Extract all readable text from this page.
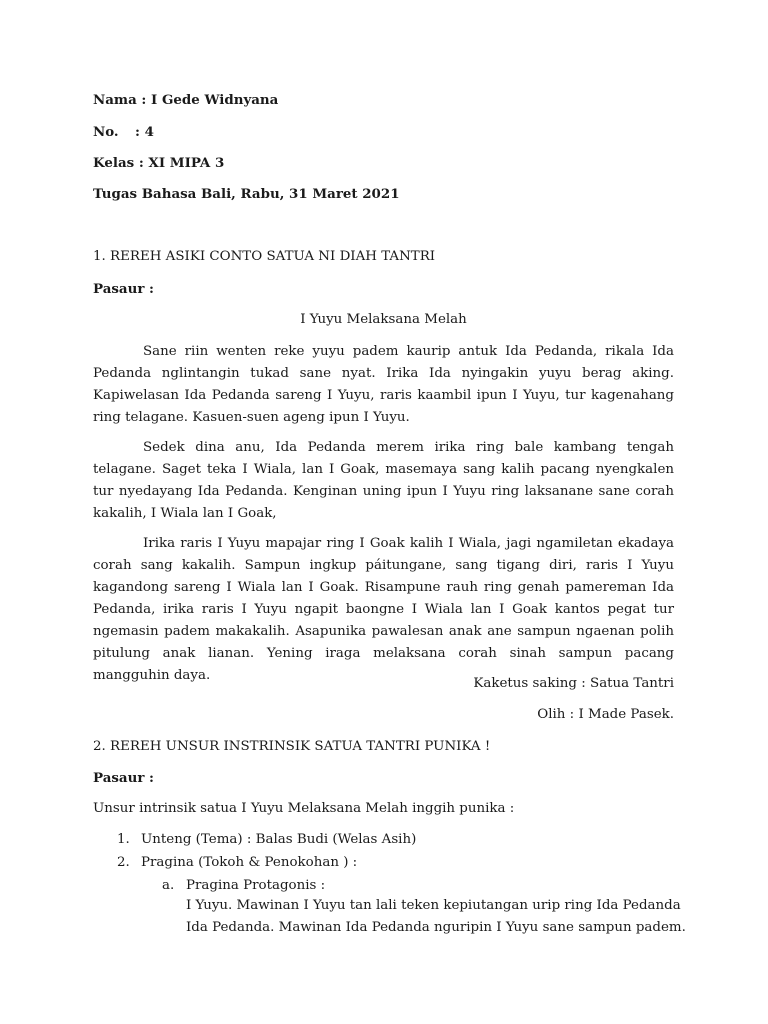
Nama : I Gede Widnyana
No. : 4
Kelas : XI MIPA 3
Tugas Bahasa Bali, Rabu, 31 Maret 2021
1. REREH ASIKI CONTO SATUA NI DIAH TANTRI
Pasaur :
I Yuyu Melaksana Melah
Sane riin wenten reke yuyu padem kaurip antuk Ida Pedanda, rikala Ida Pedanda nglintangin tukad sane nyat. Irika Ida nyingakin yuyu berag aking. Kapiwelasan Ida Pedanda sareng I Yuyu, raris kaambil ipun I Yuyu, tur kagenahang ring telagane. Kasuen-suen ageng ipun I Yuyu.
Sedek dina anu, Ida Pedanda merem irika ring bale kambang tengah telagane. Saget teka I Wiala, lan I Goak, masemaya sang kalih pacang nyengkalen tur nyedayang Ida Pedanda. Kenginan uning ipun I Yuyu ring laksanane sane corah kakalih, I Wiala lan I Goak,
Irika raris I Yuyu mapajar ring I Goak kalih I Wiala, jagi ngamiletan ekadaya corah sang kakalih. Sampun ingkup páitungane, sang tigang diri, raris I Yuyu kagandong sareng I Wiala lan I Goak. Risampune rauh ring genah pamereman Ida Pedanda, irika raris I Yuyu ngapit baongne I Wiala lan I Goak kantos pegat tur ngemasin padem makakalih. Asapunika pawalesan anak ane sampun ngaenan polih pitulung anak lianan. Yening iraga melaksana corah sinah sampun pacang mangguhin daya.
Kaketus saking : Satua Tantri
Olih : I Made Pasek.
2. REREH UNSUR INSTRINSIK SATUA TANTRI PUNIKA !
Pasaur :
Unsur intrinsik satua I Yuyu Melaksana Melah inggih punika :
1. Unteng (Tema) : Balas Budi (Welas Asih)
2. Pragina (Tokoh & Penokohan ) :
a. Pragina Protagonis :
I Yuyu. Mawinan I Yuyu tan lali teken kepiutangan urip ring Ida Pedanda
Ida Pedanda. Mawinan Ida Pedanda nguripin I Yuyu sane sampun padem.
